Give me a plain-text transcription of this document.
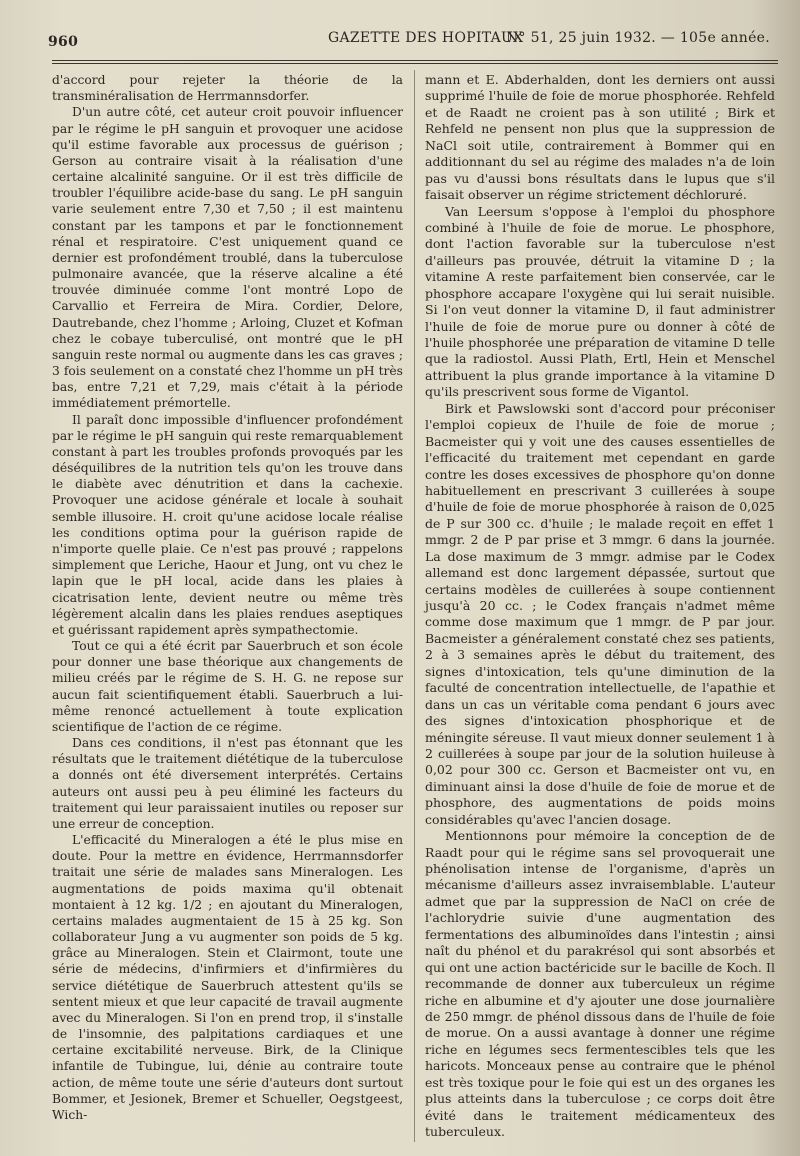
960	GAZETTE DES HOPITAUX
N° 51, 25 juin 1932. — 105e année.

d'accord pour rejeter la théorie de la transminéralisation de Herrmannsdorfer.

D'un autre côté, cet auteur croit pouvoir influencer par le régime le pH sanguin et provoquer une acidose qu'il estime favorable aux processus de guérison ; Gerson au contraire visait à la réalisation d'une certaine alcalinité sanguine. Or il est très difficile de troubler l'équilibre acide-base du sang. Le pH sanguin varie seulement entre 7,30 et 7,50 ; il est maintenu constant par les tampons et par le fonctionnement rénal et respiratoire. C'est uniquement quand ce dernier est profondément troublé, dans la tuberculose pulmonaire avancée, que la réserve alcaline a été trouvée diminuée comme l'ont montré Lopo de Carvallio et Ferreira de Mira. Cordier, Delore, Dautrebande, chez l'homme ; Arloing, Cluzet et Kofman chez le cobaye tuberculisé, ont montré que le pH sanguin reste normal ou augmente dans les cas graves ; 3 fois seulement on a constaté chez l'homme un pH très bas, entre 7,21 et 7,29, mais c'était à la période immédiatement prémortelle.

Il paraît donc impossible d'influencer profondément par le régime le pH sanguin qui reste remarquablement constant à part les troubles profonds provoqués par les déséquilibres de la nutrition tels qu'on les trouve dans le diabète avec dénutrition et dans la cachexie. Provoquer une acidose générale et locale à souhait semble illusoire. H. croit qu'une acidose locale réalise les conditions optima pour la guérison rapide de n'importe quelle plaie. Ce n'est pas prouvé ; rappelons simplement que Leriche, Haour et Jung, ont vu chez le lapin que le pH local, acide dans les plaies à cicatrisation lente, devient neutre ou même très légèrement alcalin dans les plaies rendues aseptiques et guérissant rapidement après sympathectomie.

Tout ce qui a été écrit par Sauerbruch et son école pour donner une base théorique aux changements de milieu créés par le régime de S. H. G. ne repose sur aucun fait scientifiquement établi. Sauerbruch a lui-même renoncé actuellement à toute explication scientifique de l'action de ce régime.

Dans ces conditions, il n'est pas étonnant que les résultats que le traitement diététique de la tuberculose a donnés ont été diversement interprétés. Certains auteurs ont aussi peu à peu éliminé les facteurs du traitement qui leur paraissaient inutiles ou reposer sur une erreur de conception.

L'efficacité du Mineralogen a été le plus mise en doute. Pour la mettre en évidence, Herrmannsdorfer traitait une série de malades sans Mineralogen. Les augmentations de poids maxima qu'il obtenait montaient à 12 kg. 1/2 ; en ajoutant du Mineralogen, certains malades augmentaient de 15 à 25 kg. Son collaborateur Jung a vu augmenter son poids de 5 kg. grâce au Mineralogen. Stein et Clairmont, toute une série de médecins, d'infirmiers et d'infirmières du service diététique de Sauerbruch attestent qu'ils se sentent mieux et que leur capacité de travail augmente avec du Mineralogen. Si l'on en prend trop, il s'installe de l'insomnie, des palpitations cardiaques et une certaine excitabilité nerveuse. Birk, de la Clinique infantile de Tubingue, lui, dénie au contraire toute action, de même toute une série d'auteurs dont surtout Bommer, et Jesionek, Bremer et Schueller, Oegstgeest, Wich-

mann et E. Abderhalden, dont les derniers ont aussi supprimé l'huile de foie de morue phosphorée. Rehfeld et de Raadt ne croient pas à son utilité ; Birk et Rehfeld ne pensent non plus que la suppression de NaCl soit utile, contrairement à Bommer qui en additionnant du sel au régime des malades n'a de loin pas vu d'aussi bons résultats dans le lupus que s'il faisait observer un régime strictement déchloruré.

Van Leersum s'oppose à l'emploi du phosphore combiné à l'huile de foie de morue. Le phosphore, dont l'action favorable sur la tuberculose n'est d'ailleurs pas prouvée, détruit la vitamine D ; la vitamine A reste parfaitement bien conservée, car le phosphore accapare l'oxygène qui lui serait nuisible. Si l'on veut donner la vitamine D, il faut administrer l'huile de foie de morue pure ou donner à côté de l'huile phosphorée une préparation de vitamine D telle que la radiostol. Aussi Plath, Ertl, Hein et Menschel attribuent la plus grande importance à la vitamine D qu'ils prescrivent sous forme de Vigantol.

Birk et Pawslowski sont d'accord pour préconiser l'emploi copieux de l'huile de foie de morue ; Bacmeister qui y voit une des causes essentielles de l'efficacité du traitement met cependant en garde contre les doses excessives de phosphore qu'on donne habituellement en prescrivant 3 cuillerées à soupe d'huile de foie de morue phosphorée à raison de 0,025 de P sur 300 cc. d'huile ; le malade reçoit en effet 1 mmgr. 2 de P par prise et 3 mmgr. 6 dans la journée. La dose maximum de 3 mmgr. admise par le Codex allemand est donc largement dépassée, surtout que certains modèles de cuillerées à soupe contiennent jusqu'à 20 cc. ; le Codex français n'admet même comme dose maximum que 1 mmgr. de P par jour. Bacmeister a généralement constaté chez ses patients, 2 à 3 semaines après le début du traitement, des signes d'intoxication, tels qu'une diminution de la faculté de concentration intellectuelle, de l'apathie et dans un cas un véritable coma pendant 6 jours avec des signes d'intoxication phosphorique et de méningite séreuse. Il vaut mieux donner seulement 1 à 2 cuillerées à soupe par jour de la solution huileuse à 0,02 pour 300 cc. Gerson et Bacmeister ont vu, en diminuant ainsi la dose d'huile de foie de morue et de phosphore, des augmentations de poids moins considérables qu'avec l'ancien dosage.

Mentionnons pour mémoire la conception de de Raadt pour qui le régime sans sel provoquerait une phénolisation intense de l'organisme, d'après un mécanisme d'ailleurs assez invraisemblable. L'auteur admet que par la suppression de NaCl on crée de l'achlorydrie suivie d'une augmentation des fermentations des albuminoïdes dans l'intestin ; ainsi naît du phénol et du parakrésol qui sont absorbés et qui ont une action bactéricide sur le bacille de Koch. Il recommande de donner aux tuberculeux un régime riche en albumine et d'y ajouter une dose journalière de 250 mmgr. de phénol dissous dans de l'huile de foie de morue. On a aussi avantage à donner une régime riche en légumes secs fermentescibles tels que les haricots. Monceaux pense au contraire que le phénol est très toxique pour le foie qui est un des organes les plus atteints dans la tuberculose ; ce corps doit être évité dans le traitement médicamenteux des tuberculeux.
